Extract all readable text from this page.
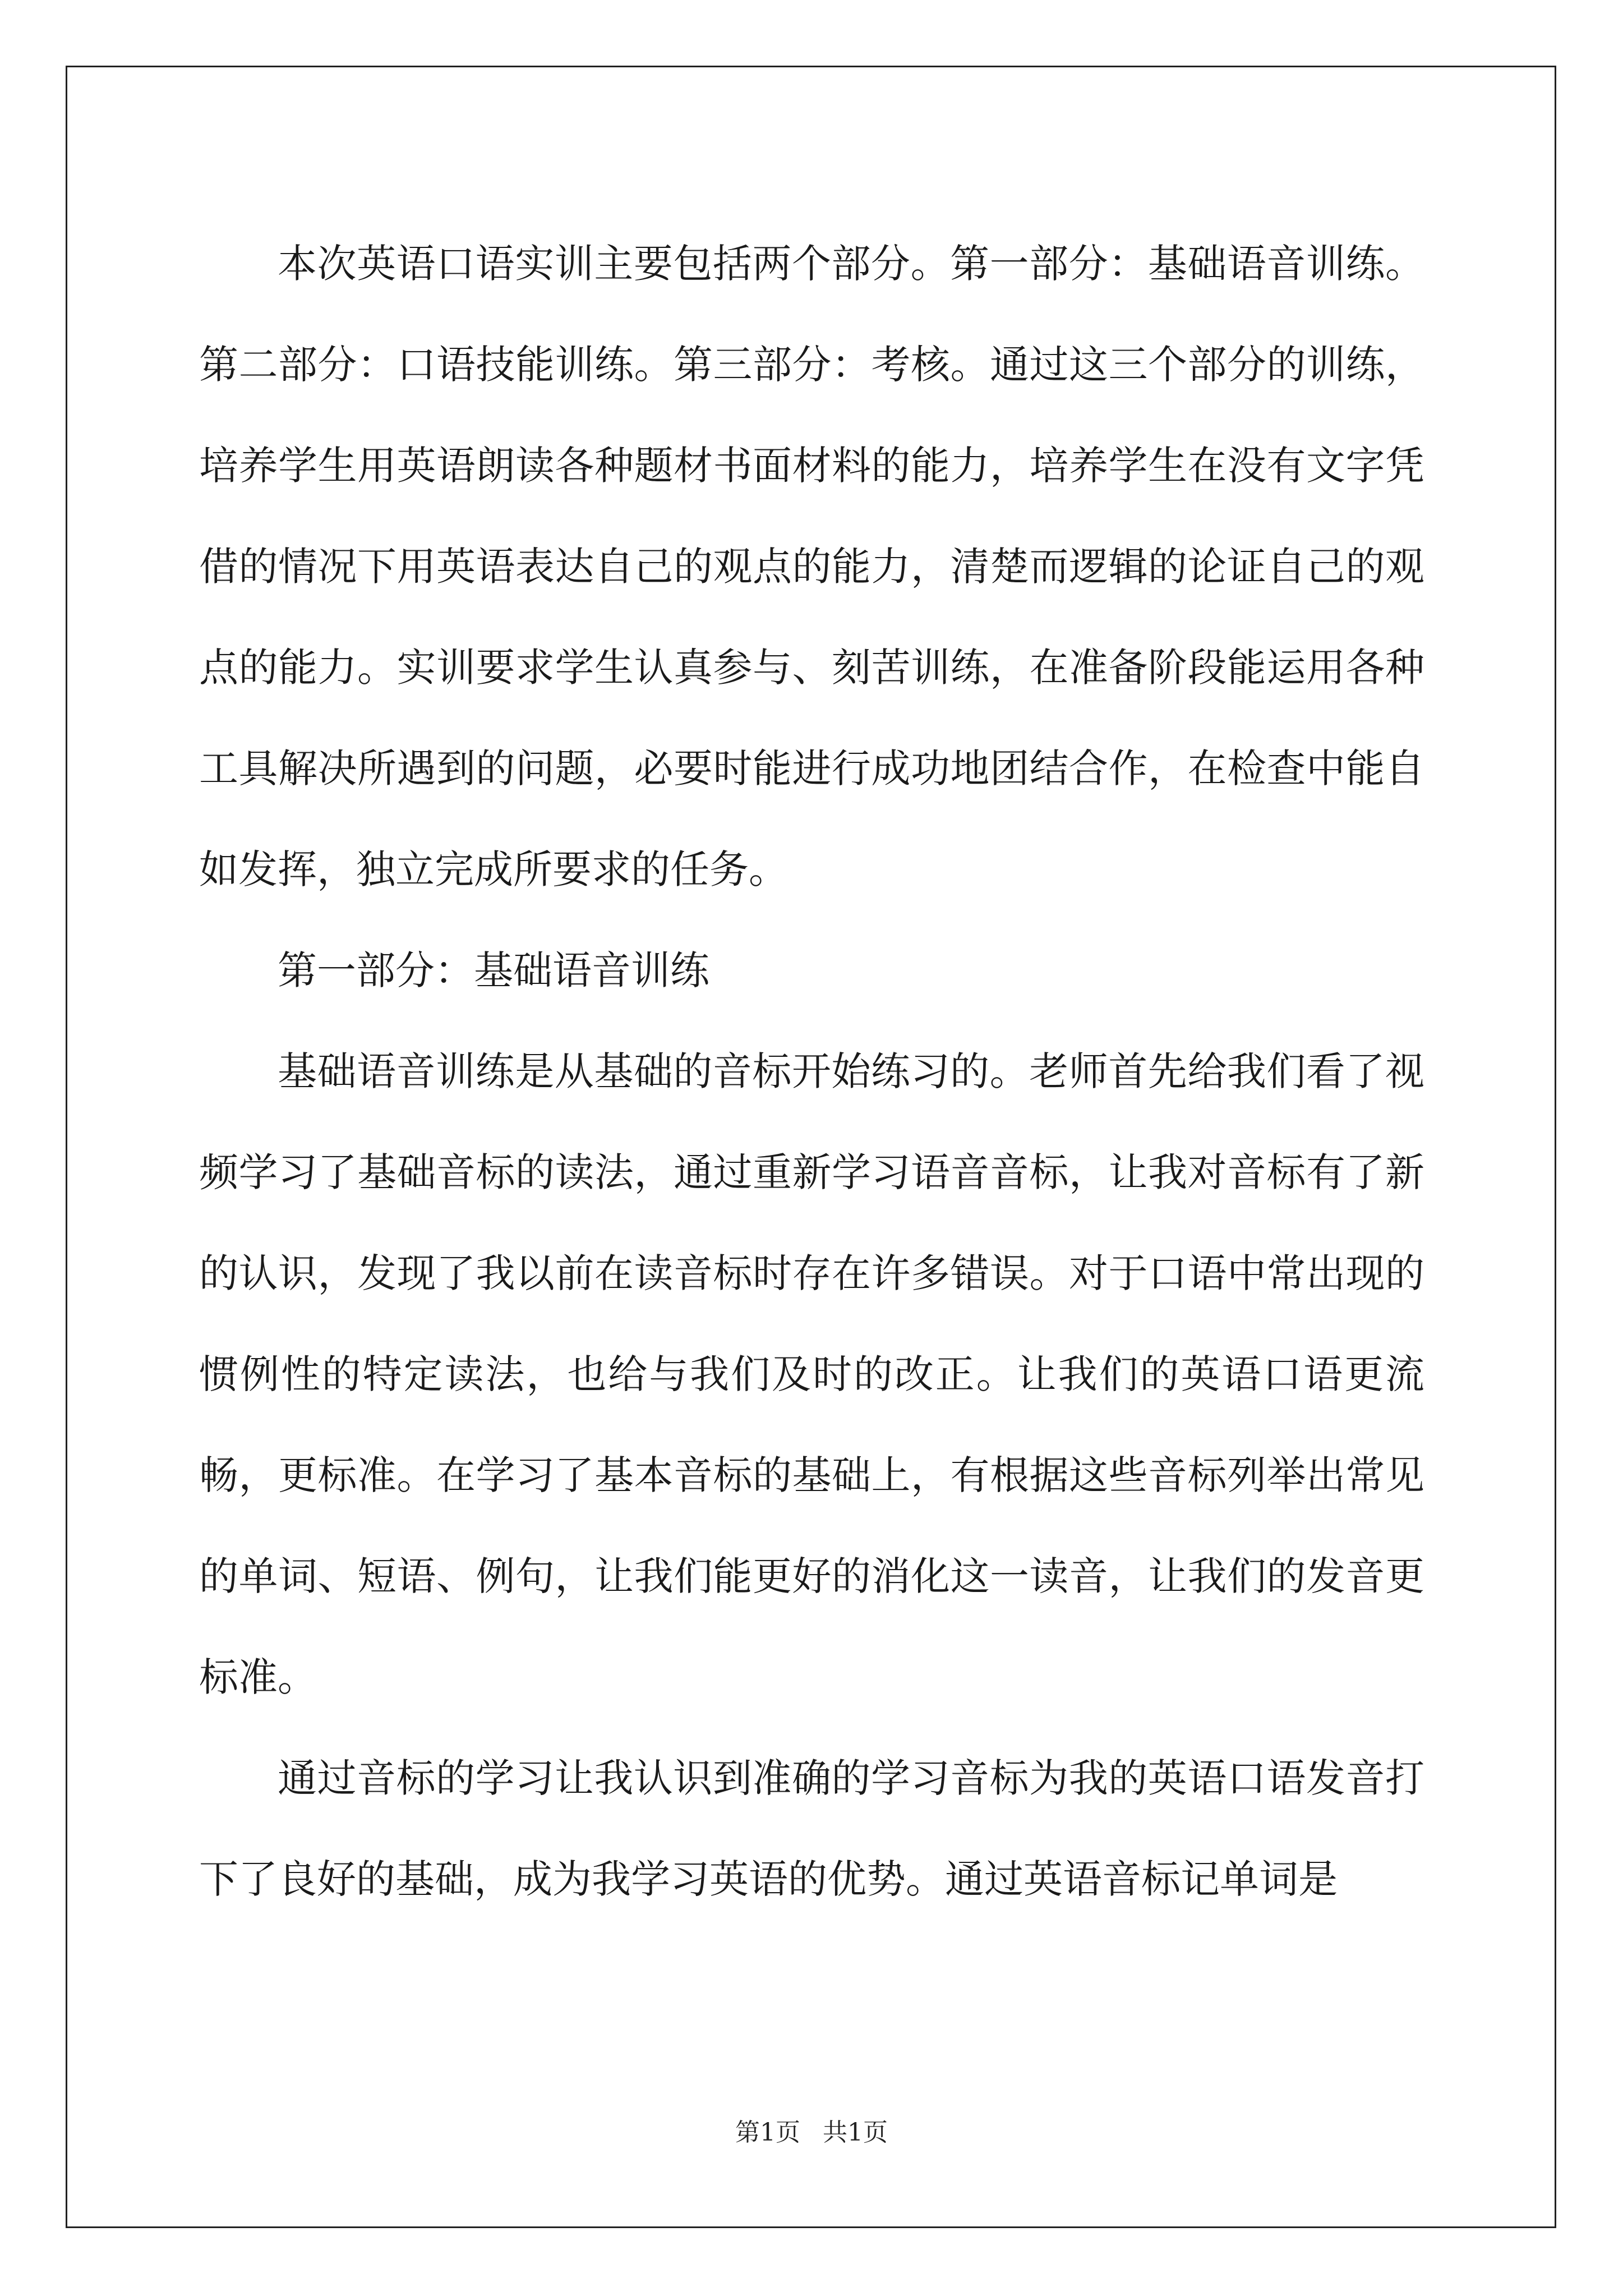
本次英语口语实训主要包括两个部分。第一部分：基础语音训练。第二部分：口语技能训练。第三部分：考核。通过这三个部分的训练，培养学生用英语朗读各种题材书面材料的能力，培养学生在没有文字凭借的情况下用英语表达自己的观点的能力，清楚而逻辑的论证自己的观点的能力。实训要求学生认真参与、刻苦训练，在准备阶段能运用各种工具解决所遇到的问题，必要时能进行成功地团结合作，在检查中能自如发挥，独立完成所要求的任务。

第一部分：基础语音训练

基础语音训练是从基础的音标开始练习的。老师首先给我们看了视频学习了基础音标的读法，通过重新学习语音音标，让我对音标有了新的认识，发现了我以前在读音标时存在许多错误。对于口语中常出现的惯例性的特定读法，也给与我们及时的改正。让我们的英语口语更流畅，更标准。在学习了基本音标的基础上，有根据这些音标列举出常见的单词、短语、例句，让我们能更好的消化这一读音，让我们的发音更标准。

通过音标的学习让我认识到准确的学习音标为我的英语口语发音打下了良好的基础，成为我学习英语的优势。通过英语音标记单词是

第1页 共1页
